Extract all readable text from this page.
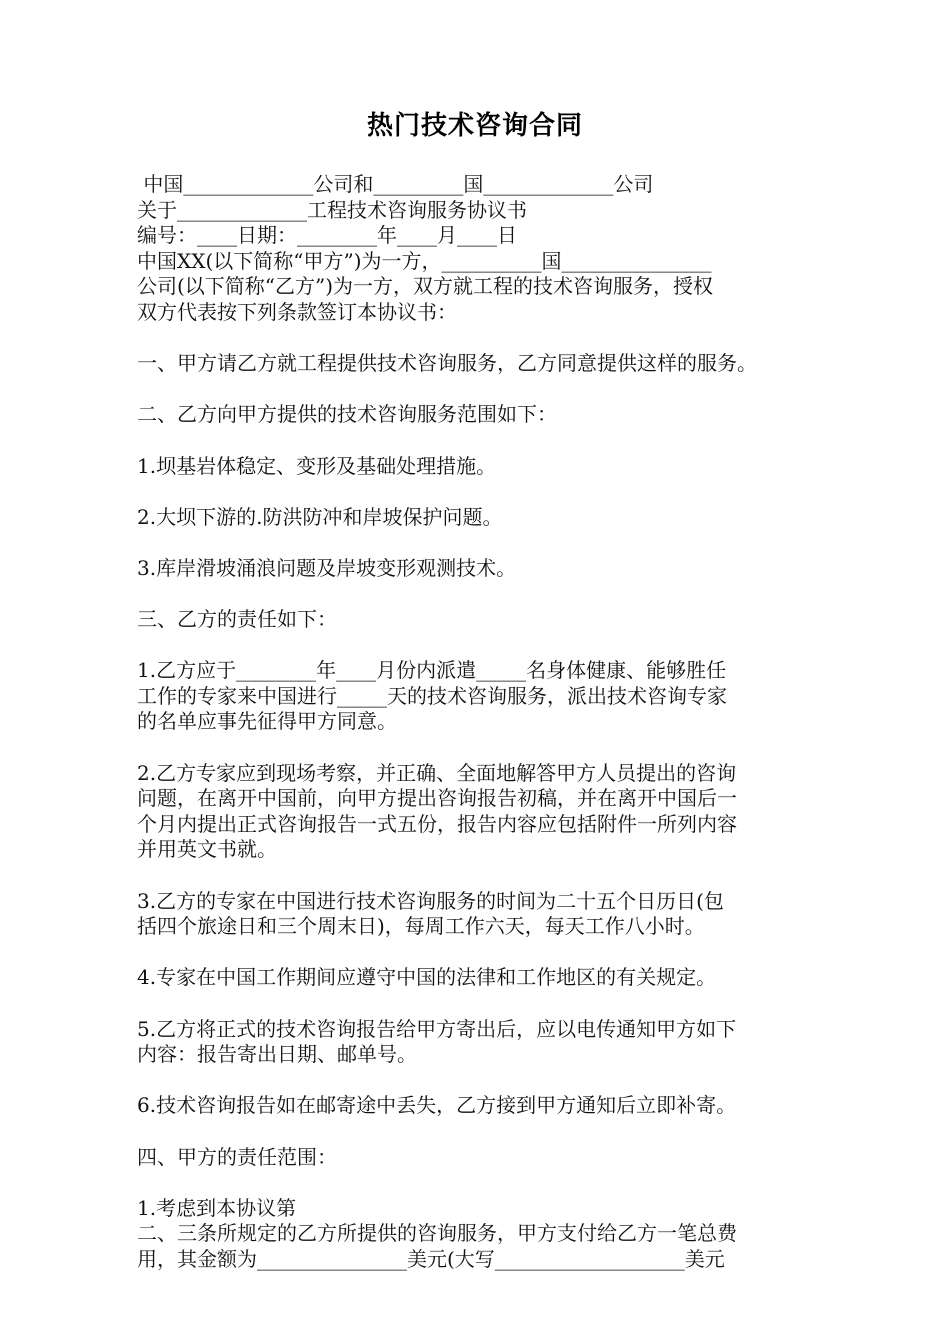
热门技术咨询合同
中国_____________公司和_________国_____________公司
关于_____________工程技术咨询服务协议书
编号：____日期：________年____月____日
中国XX(以下简称“甲方”)为一方，__________国_______________
公司(以下简称“乙方”)为一方，双方就工程的技术咨询服务，授权
双方代表按下列条款签订本协议书：
一、甲方请乙方就工程提供技术咨询服务，乙方同意提供这样的服务。
二、乙方向甲方提供的技术咨询服务范围如下：
1.坝基岩体稳定、变形及基础处理措施。
2.大坝下游的.防洪防冲和岸坡保护问题。
3.库岸滑坡涌浪问题及岸坡变形观测技术。
三、乙方的责任如下：
1.乙方应于________年____月份内派遣_____名身体健康、能够胜任
工作的专家来中国进行_____天的技术咨询服务，派出技术咨询专家
的名单应事先征得甲方同意。
2.乙方专家应到现场考察，并正确、全面地解答甲方人员提出的咨询
问题，在离开中国前，向甲方提出咨询报告初稿，并在离开中国后一
个月内提出正式咨询报告一式五份，报告内容应包括附件一所列内容
并用英文书就。
3.乙方的专家在中国进行技术咨询服务的时间为二十五个日历日(包
括四个旅途日和三个周末日)，每周工作六天，每天工作八小时。
4.专家在中国工作期间应遵守中国的法律和工作地区的有关规定。
5.乙方将正式的技术咨询报告给甲方寄出后，应以电传通知甲方如下
内容：报告寄出日期、邮单号。
6.技术咨询报告如在邮寄途中丢失，乙方接到甲方通知后立即补寄。
四、甲方的责任范围：
1.考虑到本协议第
二、三条所规定的乙方所提供的咨询服务，甲方支付给乙方一笔总费
用，其金额为_______________美元(大写___________________美元
